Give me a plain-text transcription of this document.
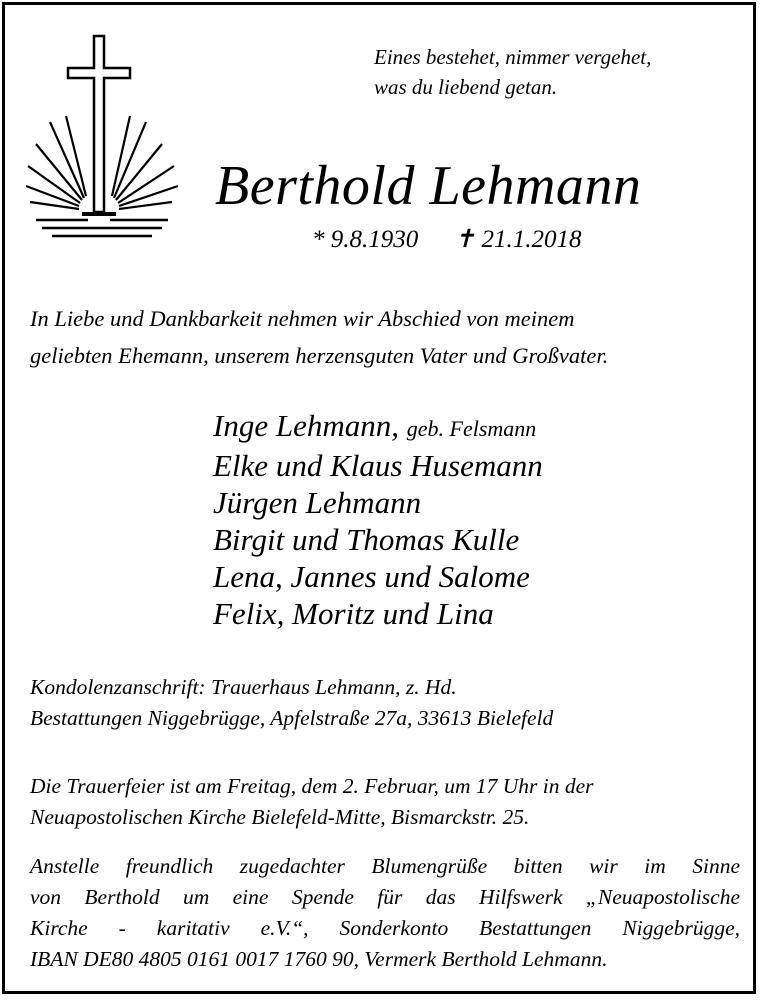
Eines bestehet, nimmer vergehet,
was du liebend getan.
Berthold Lehmann
* 9.8.1930 ✝ 21.1.2018
In Liebe und Dankbarkeit nehmen wir Abschied von meinem
geliebten Ehemann, unserem herzensguten Vater und Großvater.
Inge Lehmann, geb. Felsmann
Elke und Klaus Husemann
Jürgen Lehmann
Birgit und Thomas Kulle
Lena, Jannes und Salome
Felix, Moritz und Lina
Kondolenzanschrift: Trauerhaus Lehmann, z. Hd.
Bestattungen Niggebrügge, Apfelstraße 27a, 33613 Bielefeld
Die Trauerfeier ist am Freitag, dem 2. Februar, um 17 Uhr in der
Neuapostolischen Kirche Bielefeld-Mitte, Bismarckstr. 25.
Anstelle freundlich zugedachter Blumengrüße bitten wir im Sinne
von Berthold um eine Spende für das Hilfswerk „Neuapostolische
Kirche - karitativ e.V.“, Sonderkonto Bestattungen Niggebrügge,
IBAN DE80 4805 0161 0017 1760 90, Vermerk Berthold Lehmann.
